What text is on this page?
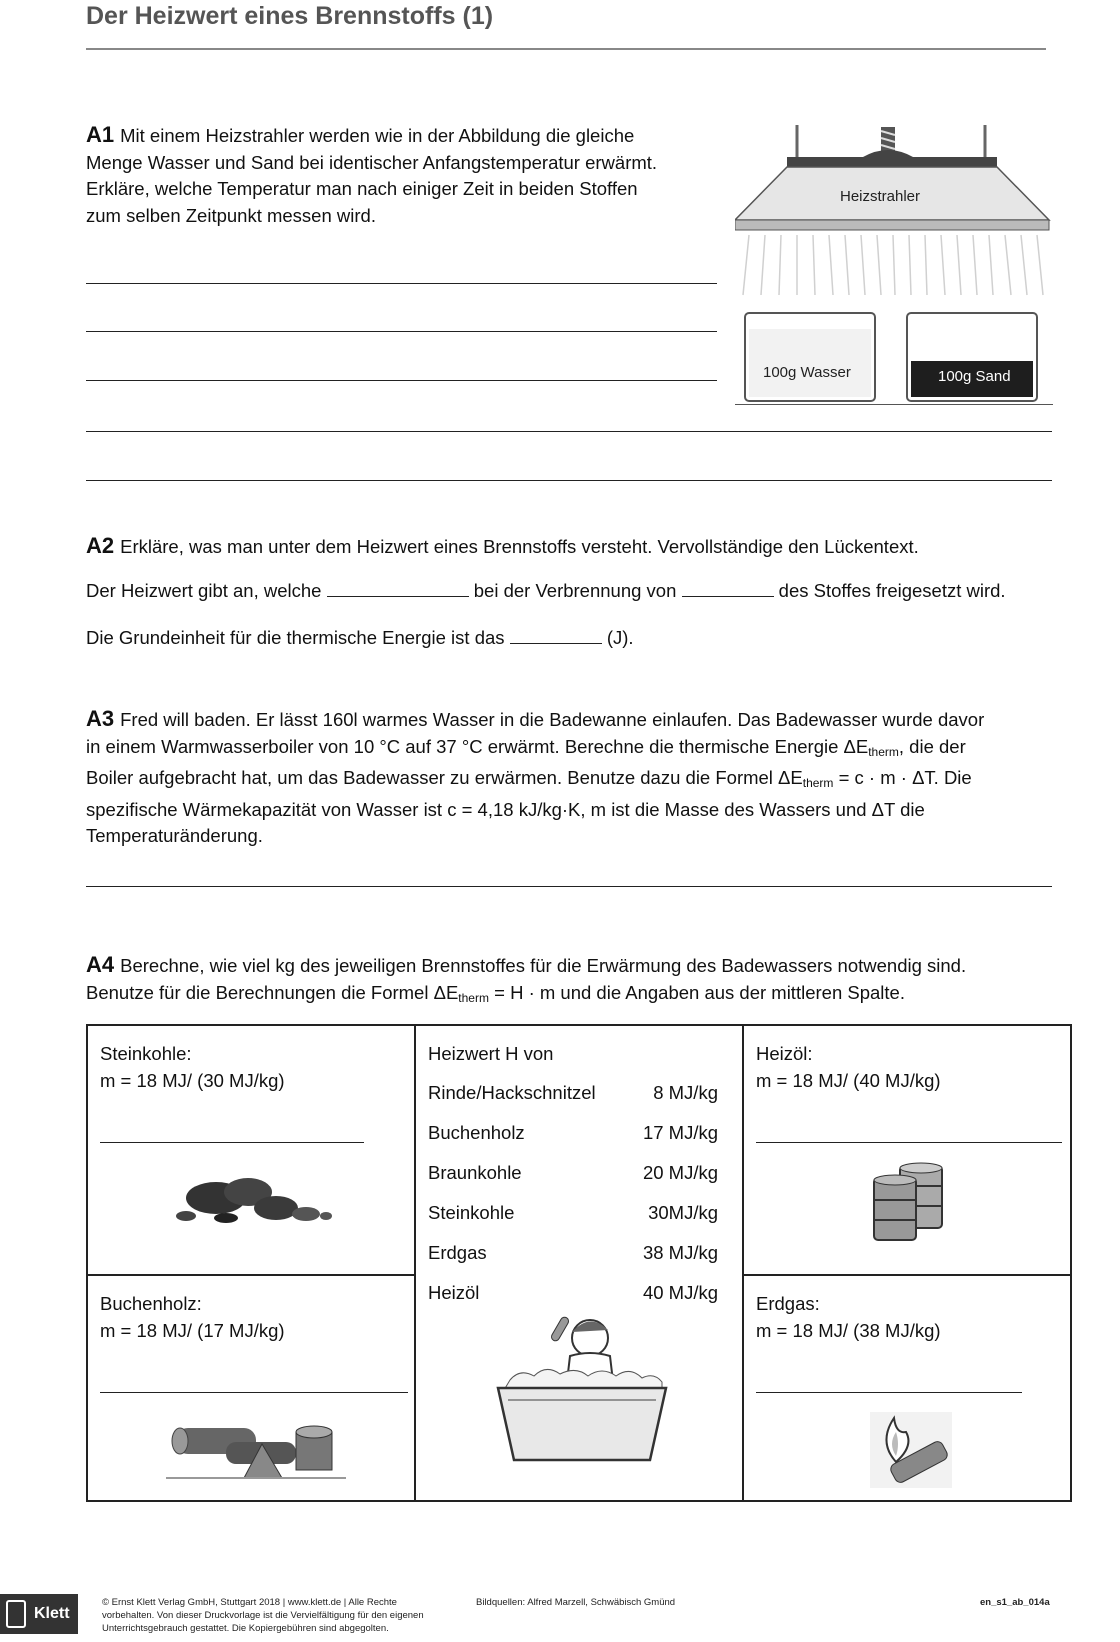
Der Heizwert eines Brennstoffs (1)
A1 Mit einem Heizstrahler werden wie in der Abbildung die gleiche
Menge Wasser und Sand bei identischer Anfangstemperatur erwärmt.
Erkläre, welche Temperatur man nach einiger Zeit in beiden Stoffen
zum selben Zeitpunkt messen wird.
Heizstrahler
100g Wasser	100g Sand
A2 Erkläre, was man unter dem Heizwert eines Brennstoffs versteht. Vervollständige den Lückentext.
Der Heizwert gibt an, welche	bei der Verbrennung von	des Stoffes freigesetzt wird.
Die Grundeinheit für die thermische Energie ist das	(J).
A3 Fred will baden. Er lässt 160l warmes Wasser in die Badewanne einlaufen. Das Badewasser wurde davor
in einem Warmwasserboiler von 10 °C auf 37 °C erwärmt. Berechne die thermische Energie $\Delta E_{therm}$, die der
Boiler aufgebracht hat, um das Badewasser zu erwärmen. Benutze dazu die Formel $\Delta E_{therm} = c \cdot m \cdot \Delta T$. Die
spezifische Wärmekapazität von Wasser ist c = 4,18 kJ/kg·K, m ist die Masse des Wassers und ΔT die
Temperaturänderung.
A4 Berechne, wie viel kg des jeweiligen Brennstoffes für die Erwärmung des Badewassers notwendig sind.
Benutze für die Berechnungen die Formel $\Delta E_{therm} = H \cdot m$ und die Angaben aus der mittleren Spalte.
Steinkohle:
m = 18 MJ/ (30 MJ/kg)
Buchenholz:
m = 18 MJ/ (17 MJ/kg)
Heizwert H von
Rinde/Hackschnitzel	8 MJ/kg
Buchenholz	17 MJ/kg
Braunkohle	20 MJ/kg
Steinkohle	30MJ/kg
Erdgas	38 MJ/kg
Heizöl	40 MJ/kg
Heizöl:
m = 18 MJ/ (40 MJ/kg)
Erdgas:
m = 18 MJ/ (38 MJ/kg)
Klett
© Ernst Klett Verlag GmbH, Stuttgart 2018 | www.klett.de | Alle Rechte
vorbehalten. Von dieser Druckvorlage ist die Vervielfältigung für den eigenen
Unterrichtsgebrauch gestattet. Die Kopiergebühren sind abgegolten.
Bildquellen: Alfred Marzell, Schwäbisch Gmünd	en_s1_ab_014a
